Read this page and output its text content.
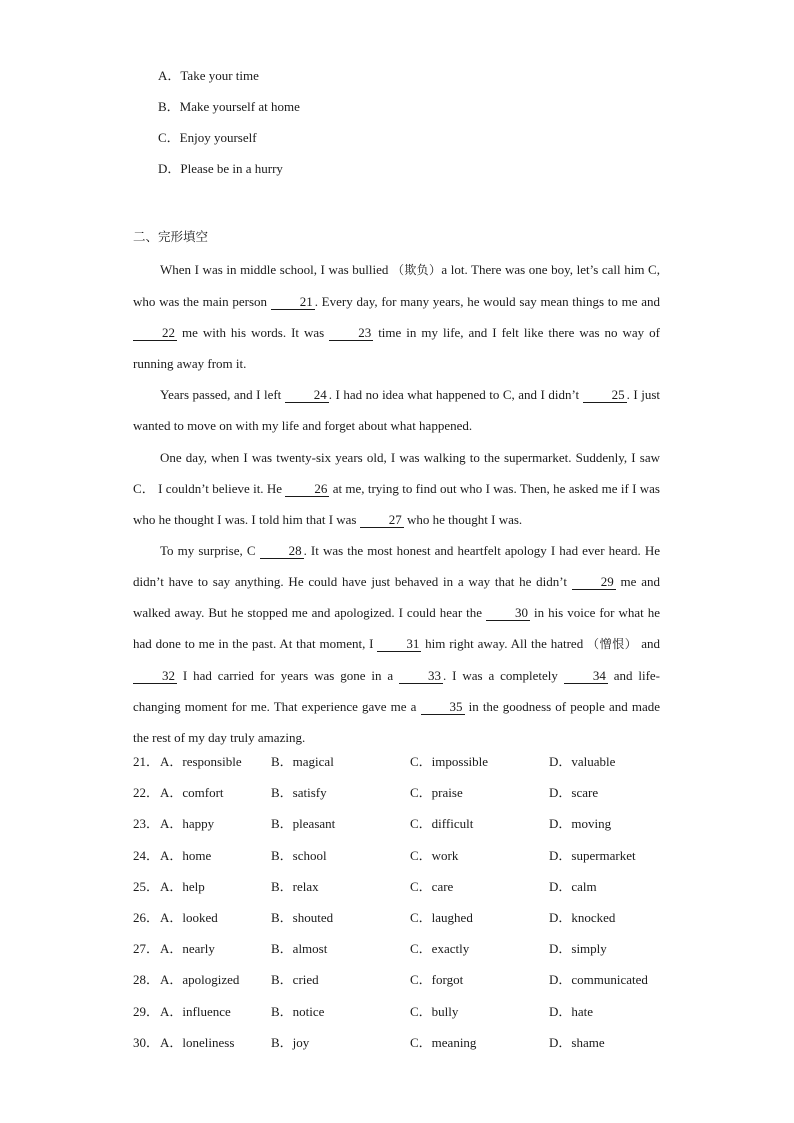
A．Take your time
B．Make yourself at home
C．Enjoy yourself
D．Please be in a hurry
二、完形填空

When I was in middle school, I was bullied （欺负）a lot. There was one boy, let’s call him C, who was the main person 21 . Every day, for many years, he would say mean things to me and 22 me with his words. It was 23 time in my life, and I felt like there was no way of running away from it.

Years passed, and I left 24 . I had no idea what happened to C, and I didn’t 25 . I just wanted to move on with my life and forget about what happened.

One day, when I was twenty-six years old, I was walking to the supermarket. Suddenly, I saw C． I couldn’t believe it. He 26 at me, trying to find out who I was. Then, he asked me if I was who he thought I was. I told him that I was 27 who he thought I was.

To my surprise, C 28 . It was the most honest and heartfelt apology I had ever heard. He didn’t have to say anything. He could have just behaved in a way that he didn’t 29 me and walked away. But he stopped me and apologized. I could hear the 30 in his voice for what he had done to me in the past. At that moment, I 31 him right away. All the hatred （憎恨） and 32 I had carried for years was gone in a 33 . I was a completely 34 and life-changing moment for me. That experience gave me a 35 in the goodness of people and made the rest of my day truly amazing.

21． A．responsible B．magical	C．impossible	D．valuable
22． A．comfort	B．satisfy	C．praise	D．scare
23． A．happy	B．pleasant	C．difficult	D．moving
24． A．home	B．school	C．work	D．supermarket
25． A．help	B．relax	C．care	D．calm
26． A．looked	B．shouted	C．laughed	D．knocked
27． A．nearly	B．almost	C．exactly	D．simply
28． A．apologized B．cried	C．forgot	D．communicated
29． A．influence	B．notice	C．bully	D．hate
30． A．loneliness	B．joy	C．meaning	D．shame
